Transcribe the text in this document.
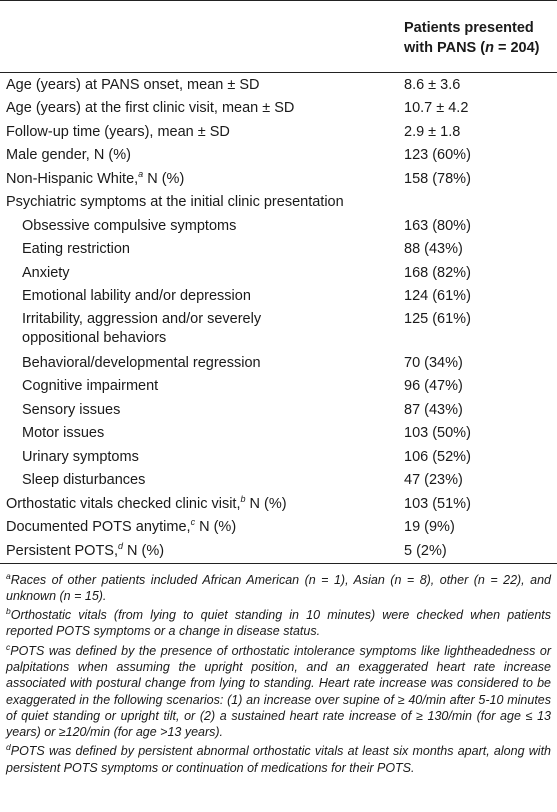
	Patients presented
with PANS (n = 204)
Age (years) at PANS onset, mean ± SD	8.6 ± 3.6
Age (years) at the first clinic visit, mean ± SD	10.7 ± 4.2
Follow-up time (years), mean ± SD	2.9 ± 1.8
Male gender, N (%)	123 (60%)
Non-Hispanic White,$^a$ N (%)	158 (78%)
Psychiatric symptoms at the initial clinic presentation	
Obsessive compulsive symptoms	163 (80%)
Eating restriction	88 (43%)
Anxiety	168 (82%)
Emotional lability and/or depression	124 (61%)
Irritability, aggression and/or severely
oppositional behaviors	125 (61%)
Behavioral/developmental regression	70 (34%)
Cognitive impairment	96 (47%)
Sensory issues	87 (43%)
Motor issues	103 (50%)
Urinary symptoms	106 (52%)
Sleep disturbances	47 (23%)
Orthostatic vitals checked clinic visit,$^b$ N (%)	103 (51%)
Documented POTS anytime,$^c$ N (%)	19 (9%)
Persistent POTS,$^d$ N (%)	5 (2%)

$^a$Races of other patients included African American (n = 1), Asian (n = 8), other (n = 22), and unknown (n = 15).

$^b$Orthostatic vitals (from lying to quiet standing in 10 minutes) were checked when patients reported POTS symptoms or a change in disease status.

$^c$POTS was defined by the presence of orthostatic intolerance symptoms like lightheadedness or palpitations when assuming the upright position, and an exaggerated heart rate increase associated with postural change from lying to standing. Heart rate increase was considered to be exaggerated in the following scenarios: (1) an increase over supine of ≥ 40/min after 5-10 minutes of quiet standing or upright tilt, or (2) a sustained heart rate increase of ≥ 130/min (for age ≤ 13 years) or ≥120/min (for age >13 years).

$^d$POTS was defined by persistent abnormal orthostatic vitals at least six months apart, along with persistent POTS symptoms or continuation of medications for their POTS.
